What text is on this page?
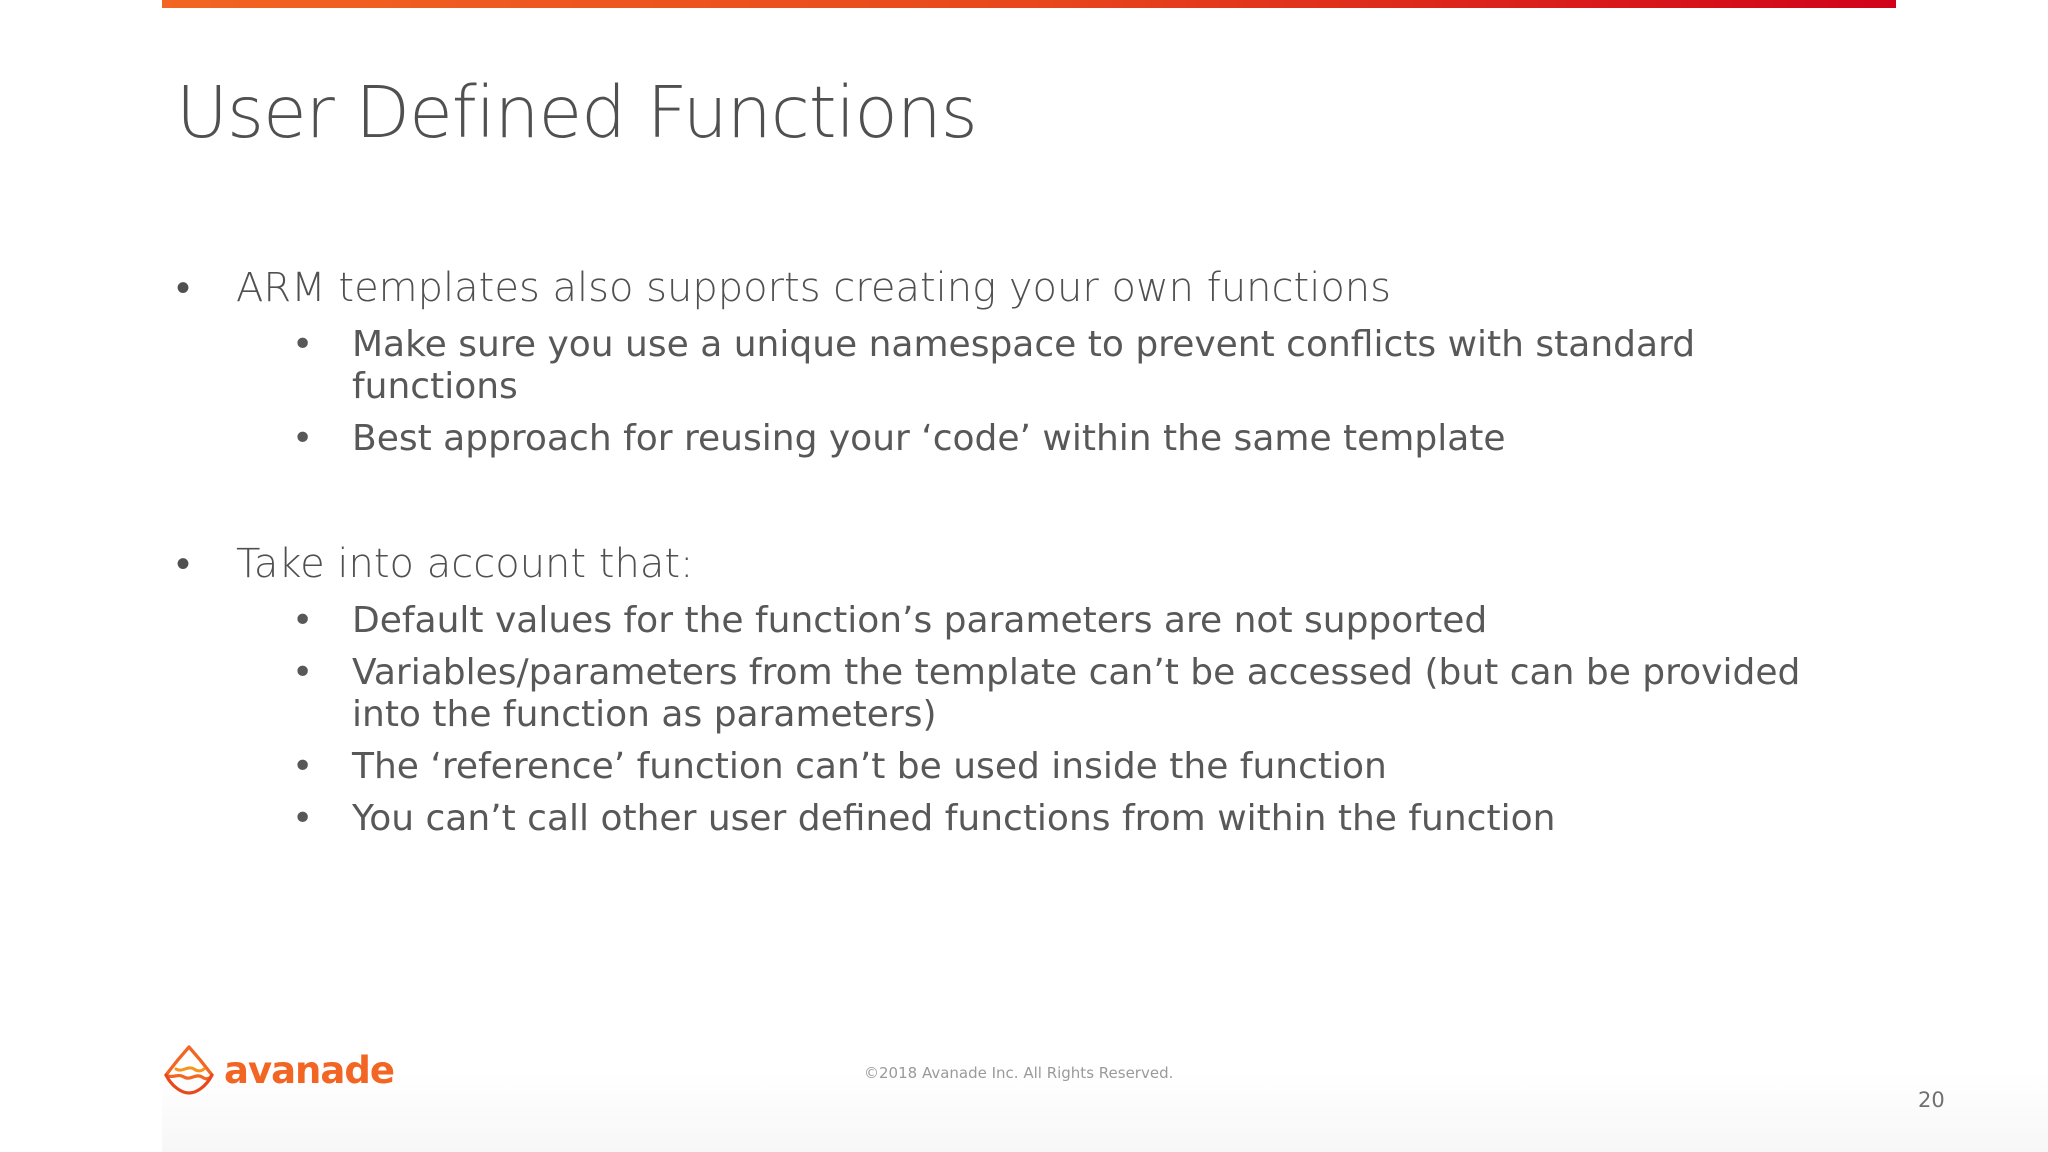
User Defined Functions
• ARM templates also supports creating your own functions
• Make sure you use a unique namespace to prevent conflicts with standard functions
• Best approach for reusing your ‘code’ within the same template
• Take into account that:
• Default values for the function’s parameters are not supported
• Variables/parameters from the template can’t be accessed (but can be provided into the function as parameters)
• The ‘reference’ function can’t be used inside the function
• You can’t call other user defined functions from within the function
avanade	©2018 Avanade Inc. All Rights Reserved.
20
